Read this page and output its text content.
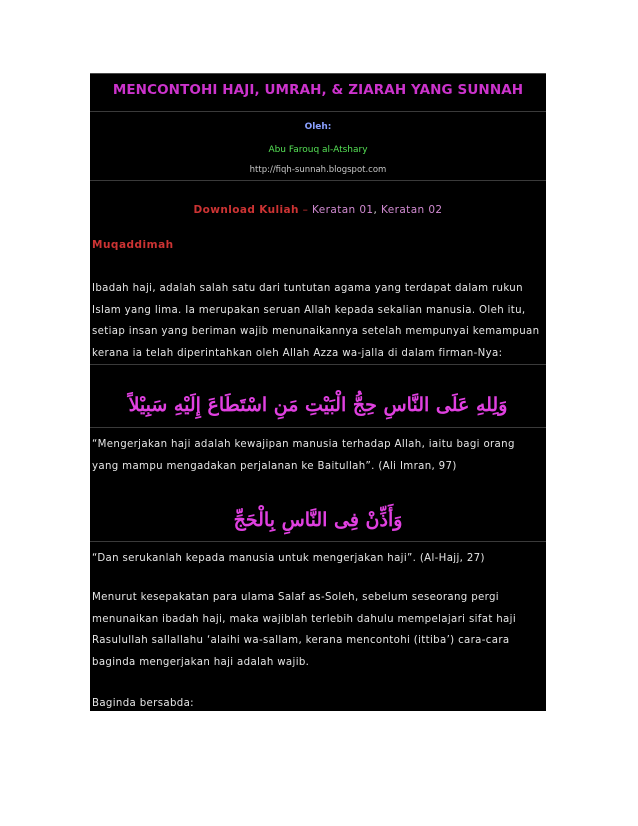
MENCONTOHI HAJI, UMRAH, & ZIARAH YANG SUNNAH
Oleh:
Abu Farouq al-Atshary
http://fiqh-sunnah.blogspot.com
Download Kuliah – Keratan 01, Keratan 02
Muqaddimah
Ibadah haji, adalah salah satu dari tuntutan agama yang terdapat dalam rukun Islam yang lima. Ia merupakan seruan Allah kepada sekalian manusia. Oleh itu, setiap insan yang beriman wajib menunaikannya setelah mempunyai kemampuan kerana ia telah diperintahkan oleh Allah Azza wa-jalla di dalam firman-Nya:
وَلِلهِ عَلَى النَّاسِ حِجُّ الْبَيْتِ مَنِ اسْتَطَاعَ إِلَيْهِ سَبِيْلاً
“Mengerjakan haji adalah kewajipan manusia terhadap Allah, iaitu bagi orang yang mampu mengadakan perjalanan ke Baitullah”. (Ali Imran, 97)
وَأَذِّنْ فِى النَّاسِ بِالْحَجِّ
“Dan serukanlah kepada manusia untuk mengerjakan haji”. (Al-Hajj, 27)
Menurut kesepakatan para ulama Salaf as-Soleh, sebelum seseorang pergi menunaikan ibadah haji, maka wajiblah terlebih dahulu mempelajari sifat haji Rasulullah sallallahu ‘alaihi wa-sallam, kerana mencontohi (ittiba’) cara-cara baginda mengerjakan haji adalah wajib.
Baginda bersabda:
